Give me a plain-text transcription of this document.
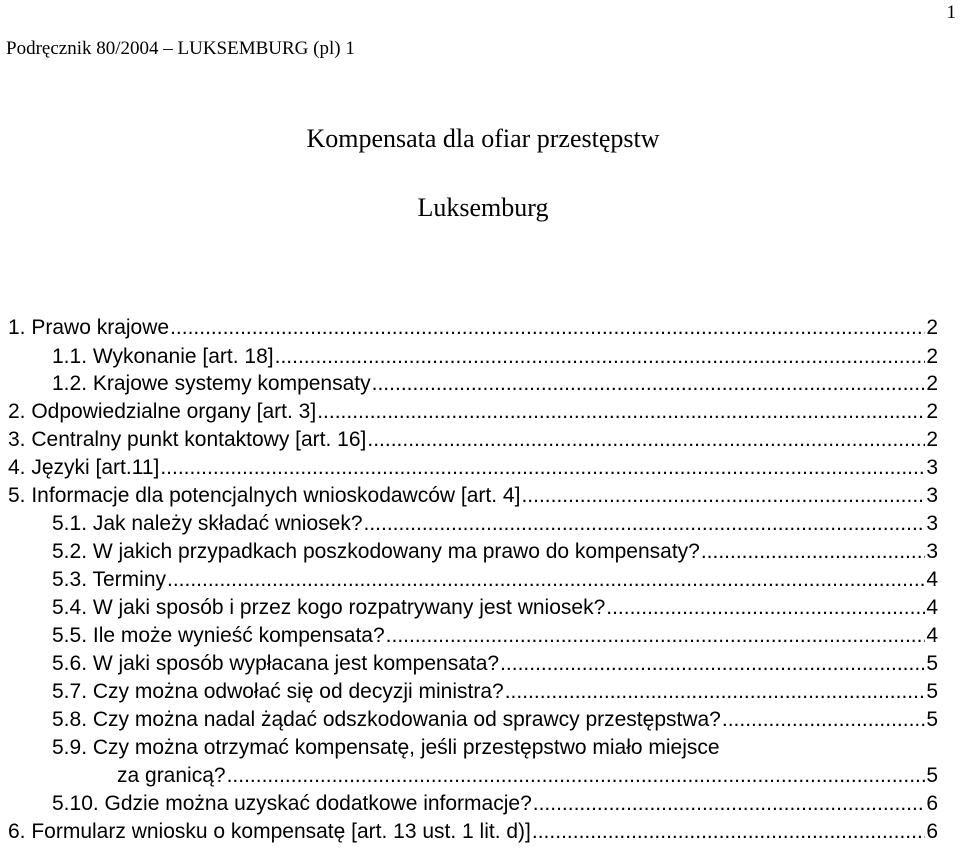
1
Podręcznik 80/2004 – LUKSEMBURG (pl) 1
Kompensata dla ofiar przestępstw
Luksemburg
1. Prawo krajowe .....	2
1.1. Wykonanie [art. 18] .....	2
1.2. Krajowe systemy kompensaty .....	2
2. Odpowiedzialne organy [art. 3] .....	2
3. Centralny punkt kontaktowy [art. 16] .....	2
4. Języki [art.11] .....	3
5. Informacje dla potencjalnych wnioskodawców [art. 4] .....	3
5.1. Jak należy składać wniosek? .....	3
5.2. W jakich przypadkach poszkodowany ma prawo do kompensaty? .....	3
5.3. Terminy .....	4
5.4. W jaki sposób i przez kogo rozpatrywany jest wniosek? .....	4
5.5. Ile może wynieść kompensata? .....	4
5.6. W jaki sposób wypłacana jest kompensata? .....	5
5.7. Czy można odwołać się od decyzji ministra? .....	5
5.8. Czy można nadal żądać odszkodowania od sprawcy przestępstwa? .....	5
5.9. Czy można otrzymać kompensatę, jeśli przestępstwo miało miejsce
za granicą? .....	5
5.10. Gdzie można uzyskać dodatkowe informacje? .....	6
6. Formularz wniosku o kompensatę [art. 13 ust. 1 lit. d)] .....	6
